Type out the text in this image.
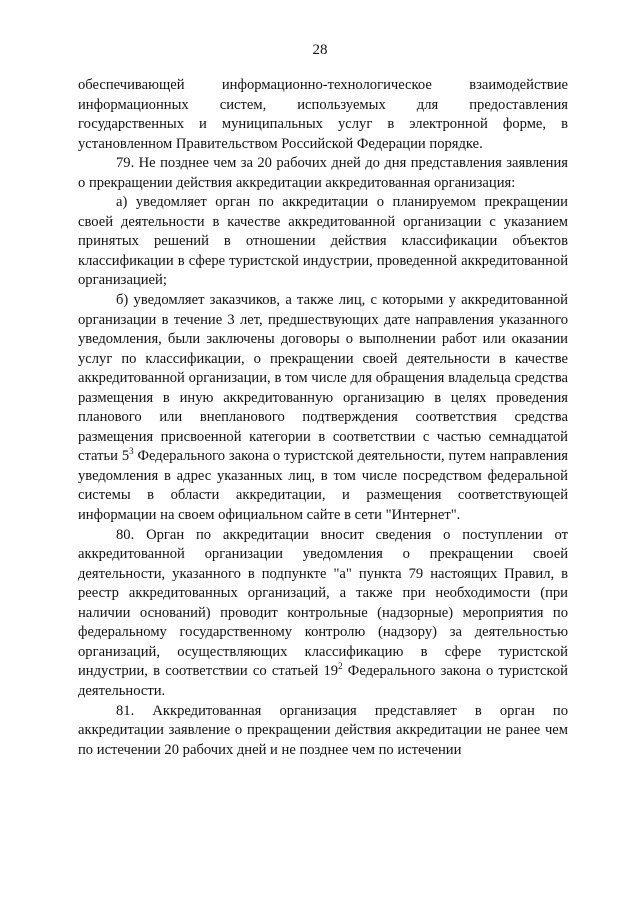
28

обеспечивающей информационно-технологическое взаимодействие информационных систем, используемых для предоставления государственных и муниципальных услуг в электронной форме, в установленном Правительством Российской Федерации порядке.

79. Не позднее чем за 20 рабочих дней до дня представления заявления о прекращении действия аккредитации аккредитованная организация:

а) уведомляет орган по аккредитации о планируемом прекращении своей деятельности в качестве аккредитованной организации с указанием принятых решений в отношении действия классификации объектов классификации в сфере туристской индустрии, проведенной аккредитованной организацией;

б) уведомляет заказчиков, а также лиц, с которыми у аккредитованной организации в течение 3 лет, предшествующих дате направления указанного уведомления, были заключены договоры о выполнении работ или оказании услуг по классификации, о прекращении своей деятельности в качестве аккредитованной организации, в том числе для обращения владельца средства размещения в иную аккредитованную организацию в целях проведения планового или внепланового подтверждения соответствия средства размещения присвоенной категории в соответствии с частью семнадцатой статьи $5^3$ Федерального закона о туристской деятельности, путем направления уведомления в адрес указанных лиц, в том числе посредством федеральной системы в области аккредитации, и размещения соответствующей информации на своем официальном сайте в сети "Интернет".

80. Орган по аккредитации вносит сведения о поступлении от аккредитованной организации уведомления о прекращении своей деятельности, указанного в подпункте "а" пункта 79 настоящих Правил, в реестр аккредитованных организаций, а также при необходимости (при наличии оснований) проводит контрольные (надзорные) мероприятия по федеральному государственному контролю (надзору) за деятельностью организаций, осуществляющих классификацию в сфере туристской индустрии, в соответствии со статьей $19^2$ Федерального закона о туристской деятельности.

81. Аккредитованная организация представляет в орган по аккредитации заявление о прекращении действия аккредитации не ранее чем по истечении 20 рабочих дней и не позднее чем по истечении
